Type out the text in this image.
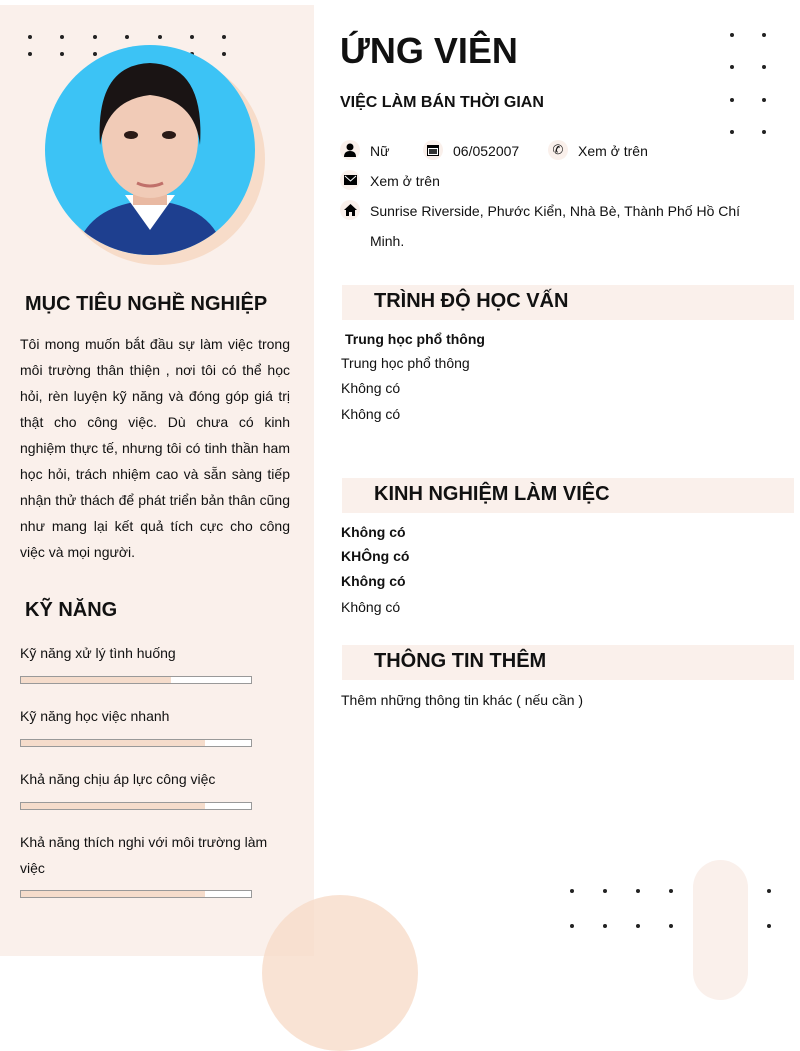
MỤC TIÊU NGHỀ NGHIỆP

Tôi mong muốn bắt đầu sự làm việc trong môi trường thân thiện , nơi tôi có thể học hỏi, rèn luyện kỹ năng và đóng góp giá trị thật cho công việc. Dù chưa có kinh nghiệm thực tế, nhưng tôi có tinh thần ham học hỏi, trách nhiệm cao và sẵn sàng tiếp nhận thử thách để phát triển bản thân cũng như mang lại kết quả tích cực cho công việc và mọi người.

KỸ NĂNG
Kỹ năng xử lý tình huống
Kỹ năng học việc nhanh
Khả năng chịu áp lực công việc
Khả năng thích nghi với môi trường làm việc
ỨNG VIÊN
VIỆC LÀM BÁN THỜI GIAN
Nữ	06/052007	✆	Xem ở trên
Xem ở trên
Sunrise Riverside, Phước Kiển, Nhà Bè, Thành Phố Hồ Chí
Minh.
TRÌNH ĐỘ HỌC VẤN
Trung học phổ thông
Trung học phổ thông
Không có
Không có
KINH NGHIỆM LÀM VIỆC
Không có
KHÔng có
Không có
Không có
THÔNG TIN THÊM
Thêm những thông tin khác ( nếu cần )
